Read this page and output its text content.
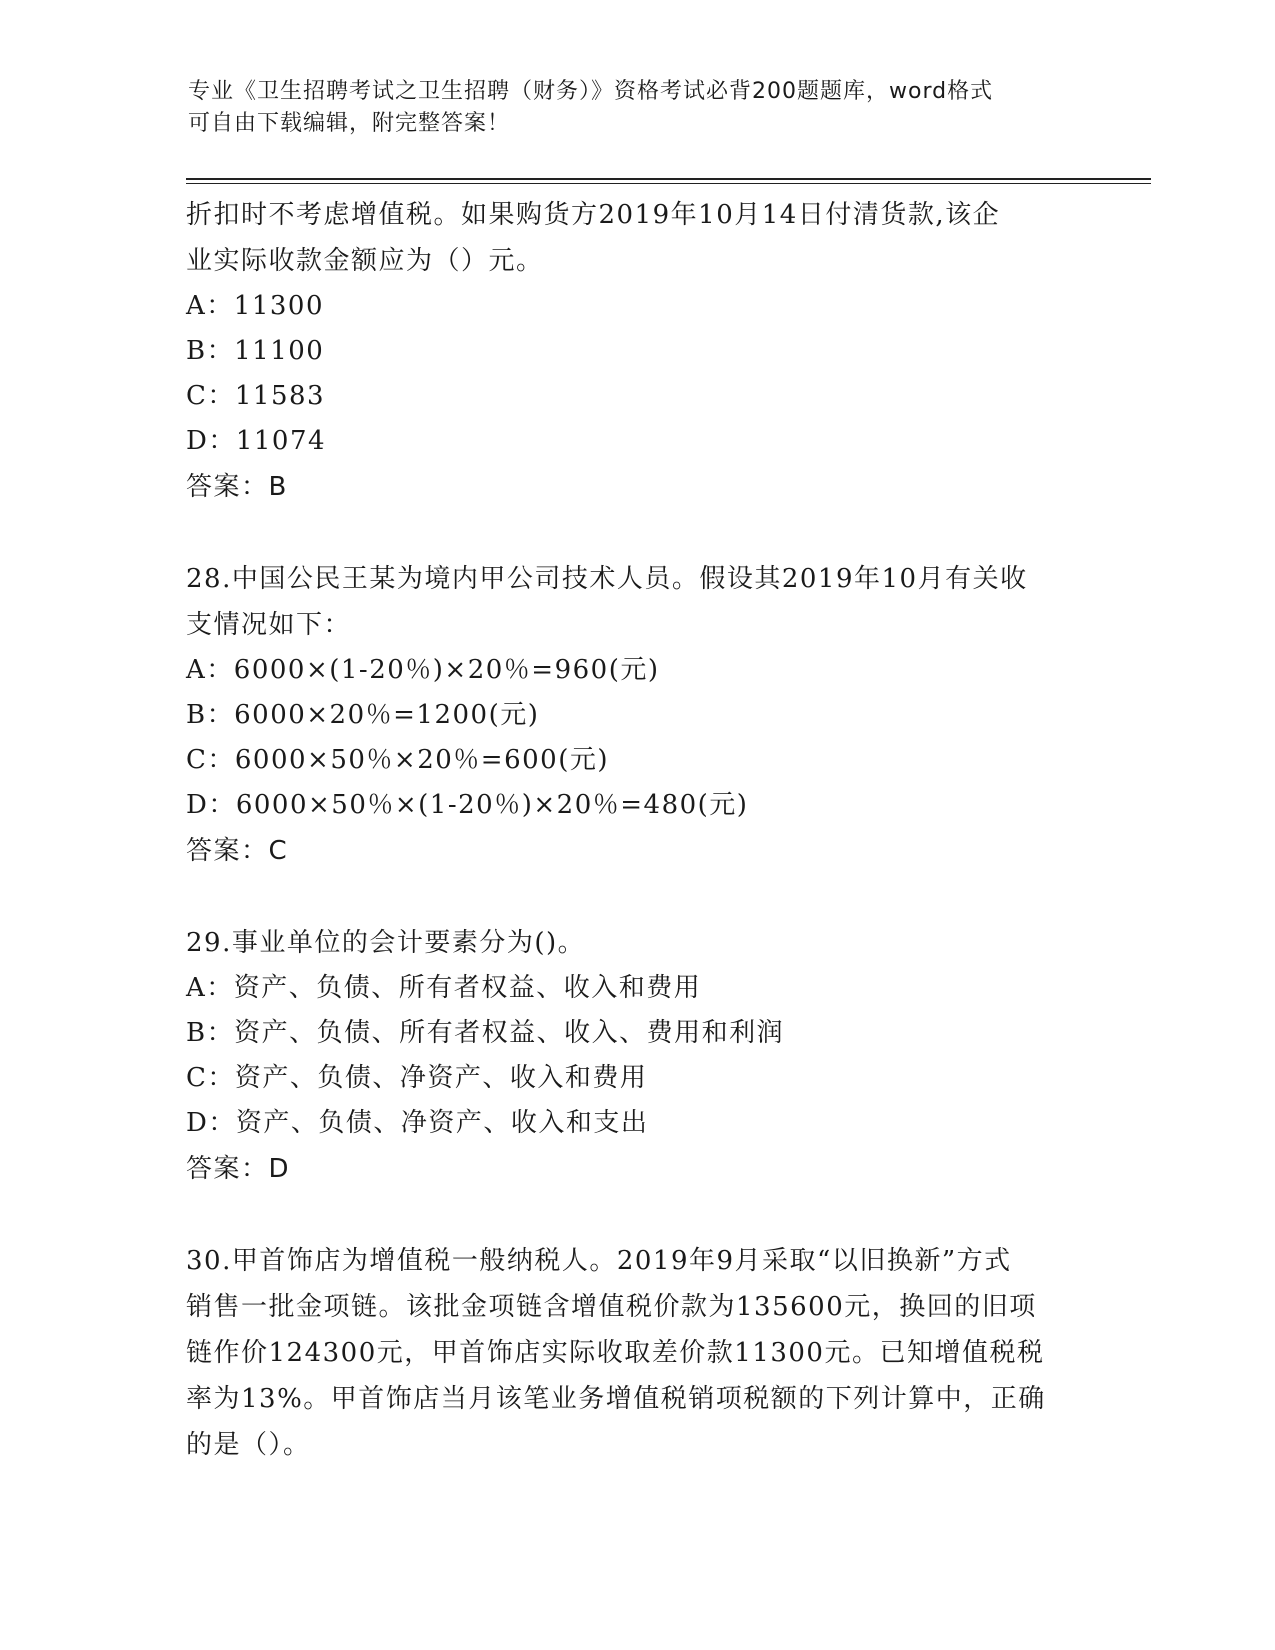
专业《卫生招聘考试之卫生招聘（财务）》资格考试必背200题题库，word格式
可自由下载编辑，附完整答案！

折扣时不考虑增值税。如果购货方2019年10月14日付清货款,该企

业实际收款金额应为（）元。

A：11300

B：11100

C：11583

D：11074

答案：B

28.中国公民王某为境内甲公司技术人员。假设其2019年10月有关收

支情况如下：

A：6000×(1-20％)×20％=960(元)

B：6000×20％=1200(元)

C：6000×50％×20％=600(元)

D：6000×50％×(1-20％)×20％=480(元)

答案：C

29.事业单位的会计要素分为()。

A：资产、负债、所有者权益、收入和费用

B：资产、负债、所有者权益、收入、费用和利润

C：资产、负债、净资产、收入和费用

D：资产、负债、净资产、收入和支出

答案：D

30.甲首饰店为增值税一般纳税人。2019年9月采取“以旧换新”方式

销售一批金项链。该批金项链含增值税价款为135600元，换回的旧项

链作价124300元，甲首饰店实际收取差价款11300元。已知增值税税

率为13%。甲首饰店当月该笔业务增值税销项税额的下列计算中，正确

的是（）。
